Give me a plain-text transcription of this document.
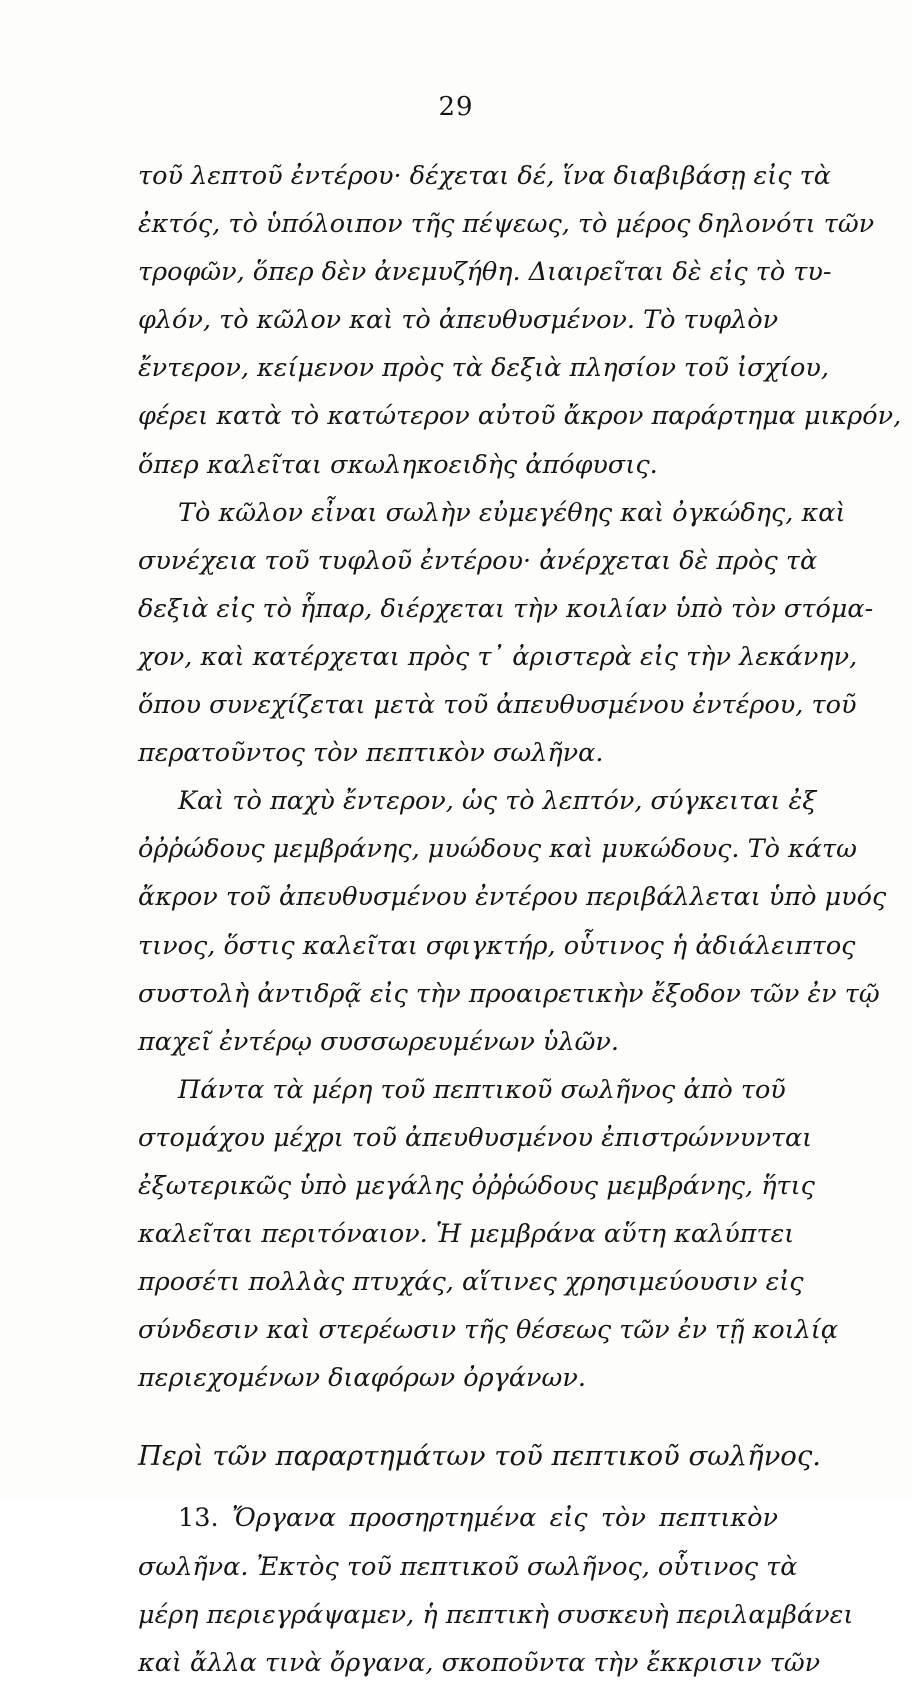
29
τοῦ λεπτοῦ ἐντέρου· δέχεται δέ, ἵνα διαβιβάσῃ εἰς τὰ
ἐκτός, τὸ ὑπόλοιπον τῆς πέψεως, τὸ μέρος δηλονότι τῶν
τροφῶν, ὅπερ δὲν ἀνεμυζήθη. Διαιρεῖται δὲ εἰς τὸ τυ-
φλόν, τὸ κῶλον καὶ τὸ ἀπευθυσμένον. Τὸ τυφλὸν
ἔντερον, κείμενον πρὸς τὰ δεξιὰ πλησίον τοῦ ἰσχίου,
φέρει κατὰ τὸ κατώτερον αὐτοῦ ἄκρον παράρτημα μικρόν,
ὅπερ καλεῖται σκωληκοειδὴς ἀπόφυσις.
Τὸ κῶλον εἶναι σωλὴν εὐμεγέθης καὶ ὀγκώδης, καὶ
συνέχεια τοῦ τυφλοῦ ἐντέρου· ἀνέρχεται δὲ πρὸς τὰ
δεξιὰ εἰς τὸ ἧπαρ, διέρχεται τὴν κοιλίαν ὑπὸ τὸν στόμα-
χον, καὶ κατέρχεται πρὸς τ᾽ ἀριστερὰ εἰς τὴν λεκάνην,
ὅπου συνεχίζεται μετὰ τοῦ ἀπευθυσμένου ἐντέρου, τοῦ
περατοῦντος τὸν πεπτικὸν σωλῆνα.
Καὶ τὸ παχὺ ἔντερον, ὡς τὸ λεπτόν, σύγκειται ἐξ
ὀῤῥώδους μεμβράνης, μυώδους καὶ μυκώδους. Τὸ κάτω
ἄκρον τοῦ ἀπευθυσμένου ἐντέρου περιβάλλεται ὑπὸ μυός
τινος, ὅστις καλεῖται σφιγκτήρ, οὗτινος ἡ ἀδιάλειπτος
συστολὴ ἀντιδρᾷ εἰς τὴν προαιρετικὴν ἔξοδον τῶν ἐν τῷ
παχεῖ ἐντέρῳ συσσωρευμένων ὑλῶν.
Πάντα τὰ μέρη τοῦ πεπτικοῦ σωλῆνος ἀπὸ τοῦ
στομάχου μέχρι τοῦ ἀπευθυσμένου ἐπιστρώννυνται
ἐξωτερικῶς ὑπὸ μεγάλης ὀῤῥώδους μεμβράνης, ἥτις
καλεῖται περιτόναιον. Ἡ μεμβράνα αὕτη καλύπτει
προσέτι πολλὰς πτυχάς, αἵτινες χρησιμεύουσιν εἰς
σύνδεσιν καὶ στερέωσιν τῆς θέσεως τῶν ἐν τῇ κοιλίᾳ
περιεχομένων διαφόρων ὀργάνων.
Περὶ τῶν παραρτημάτων τοῦ πεπτικοῦ σωλῆνος.
13. Ὄργανα προσηρτημένα εἰς τὸν πεπτικὸν
σωλῆνα. Ἐκτὸς τοῦ πεπτικοῦ σωλῆνος, οὗτινος τὰ
μέρη περιεγράψαμεν, ἡ πεπτικὴ συσκευὴ περιλαμβάνει
καὶ ἄλλα τινὰ ὄργανα, σκοποῦντα τὴν ἔκκρισιν τῶν
